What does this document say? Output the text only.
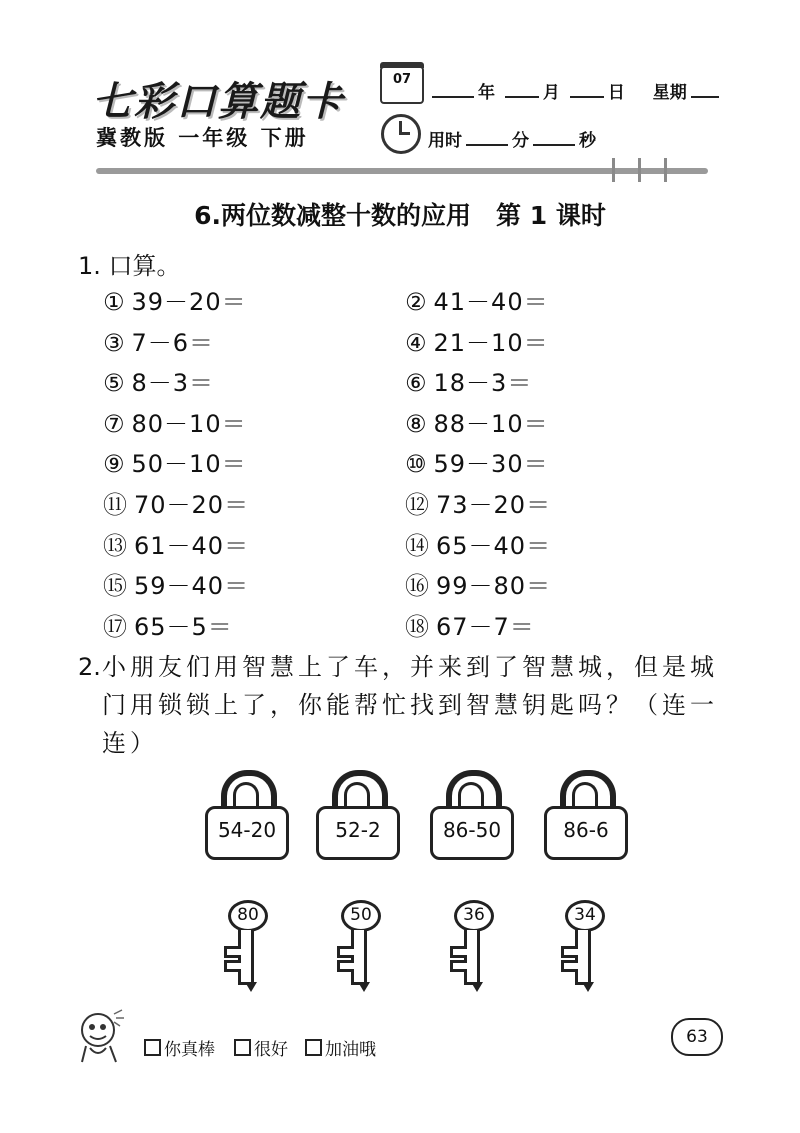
七彩口算题卡
冀教版 一年级 下册
07
年	月	日 星期
用时	分	秒
6.两位数减整十数的应用　第 1 课时
1. 口算。
① 39－20＝	② 41－40＝
③ 7－6＝	④ 21－10＝
⑤ 8－3＝	⑥ 18－3＝
⑦ 80－10＝	⑧ 88－10＝
⑨ 50－10＝	⑩ 59－30＝
⑪ 70－20＝	⑫ 73－20＝
⑬ 61－40＝	⑭ 65－40＝
⑮ 59－40＝	⑯ 99－80＝
⑰ 65－5＝	⑱ 67－7＝
2. 小朋友们用智慧上了车，并来到了智慧城，但是城门用锁锁上了，你能帮忙找到智慧钥匙吗？（连一连）
54-20	52-2	86-50	86-6
80	50	36	34
你真棒	很好	加油哦
63
